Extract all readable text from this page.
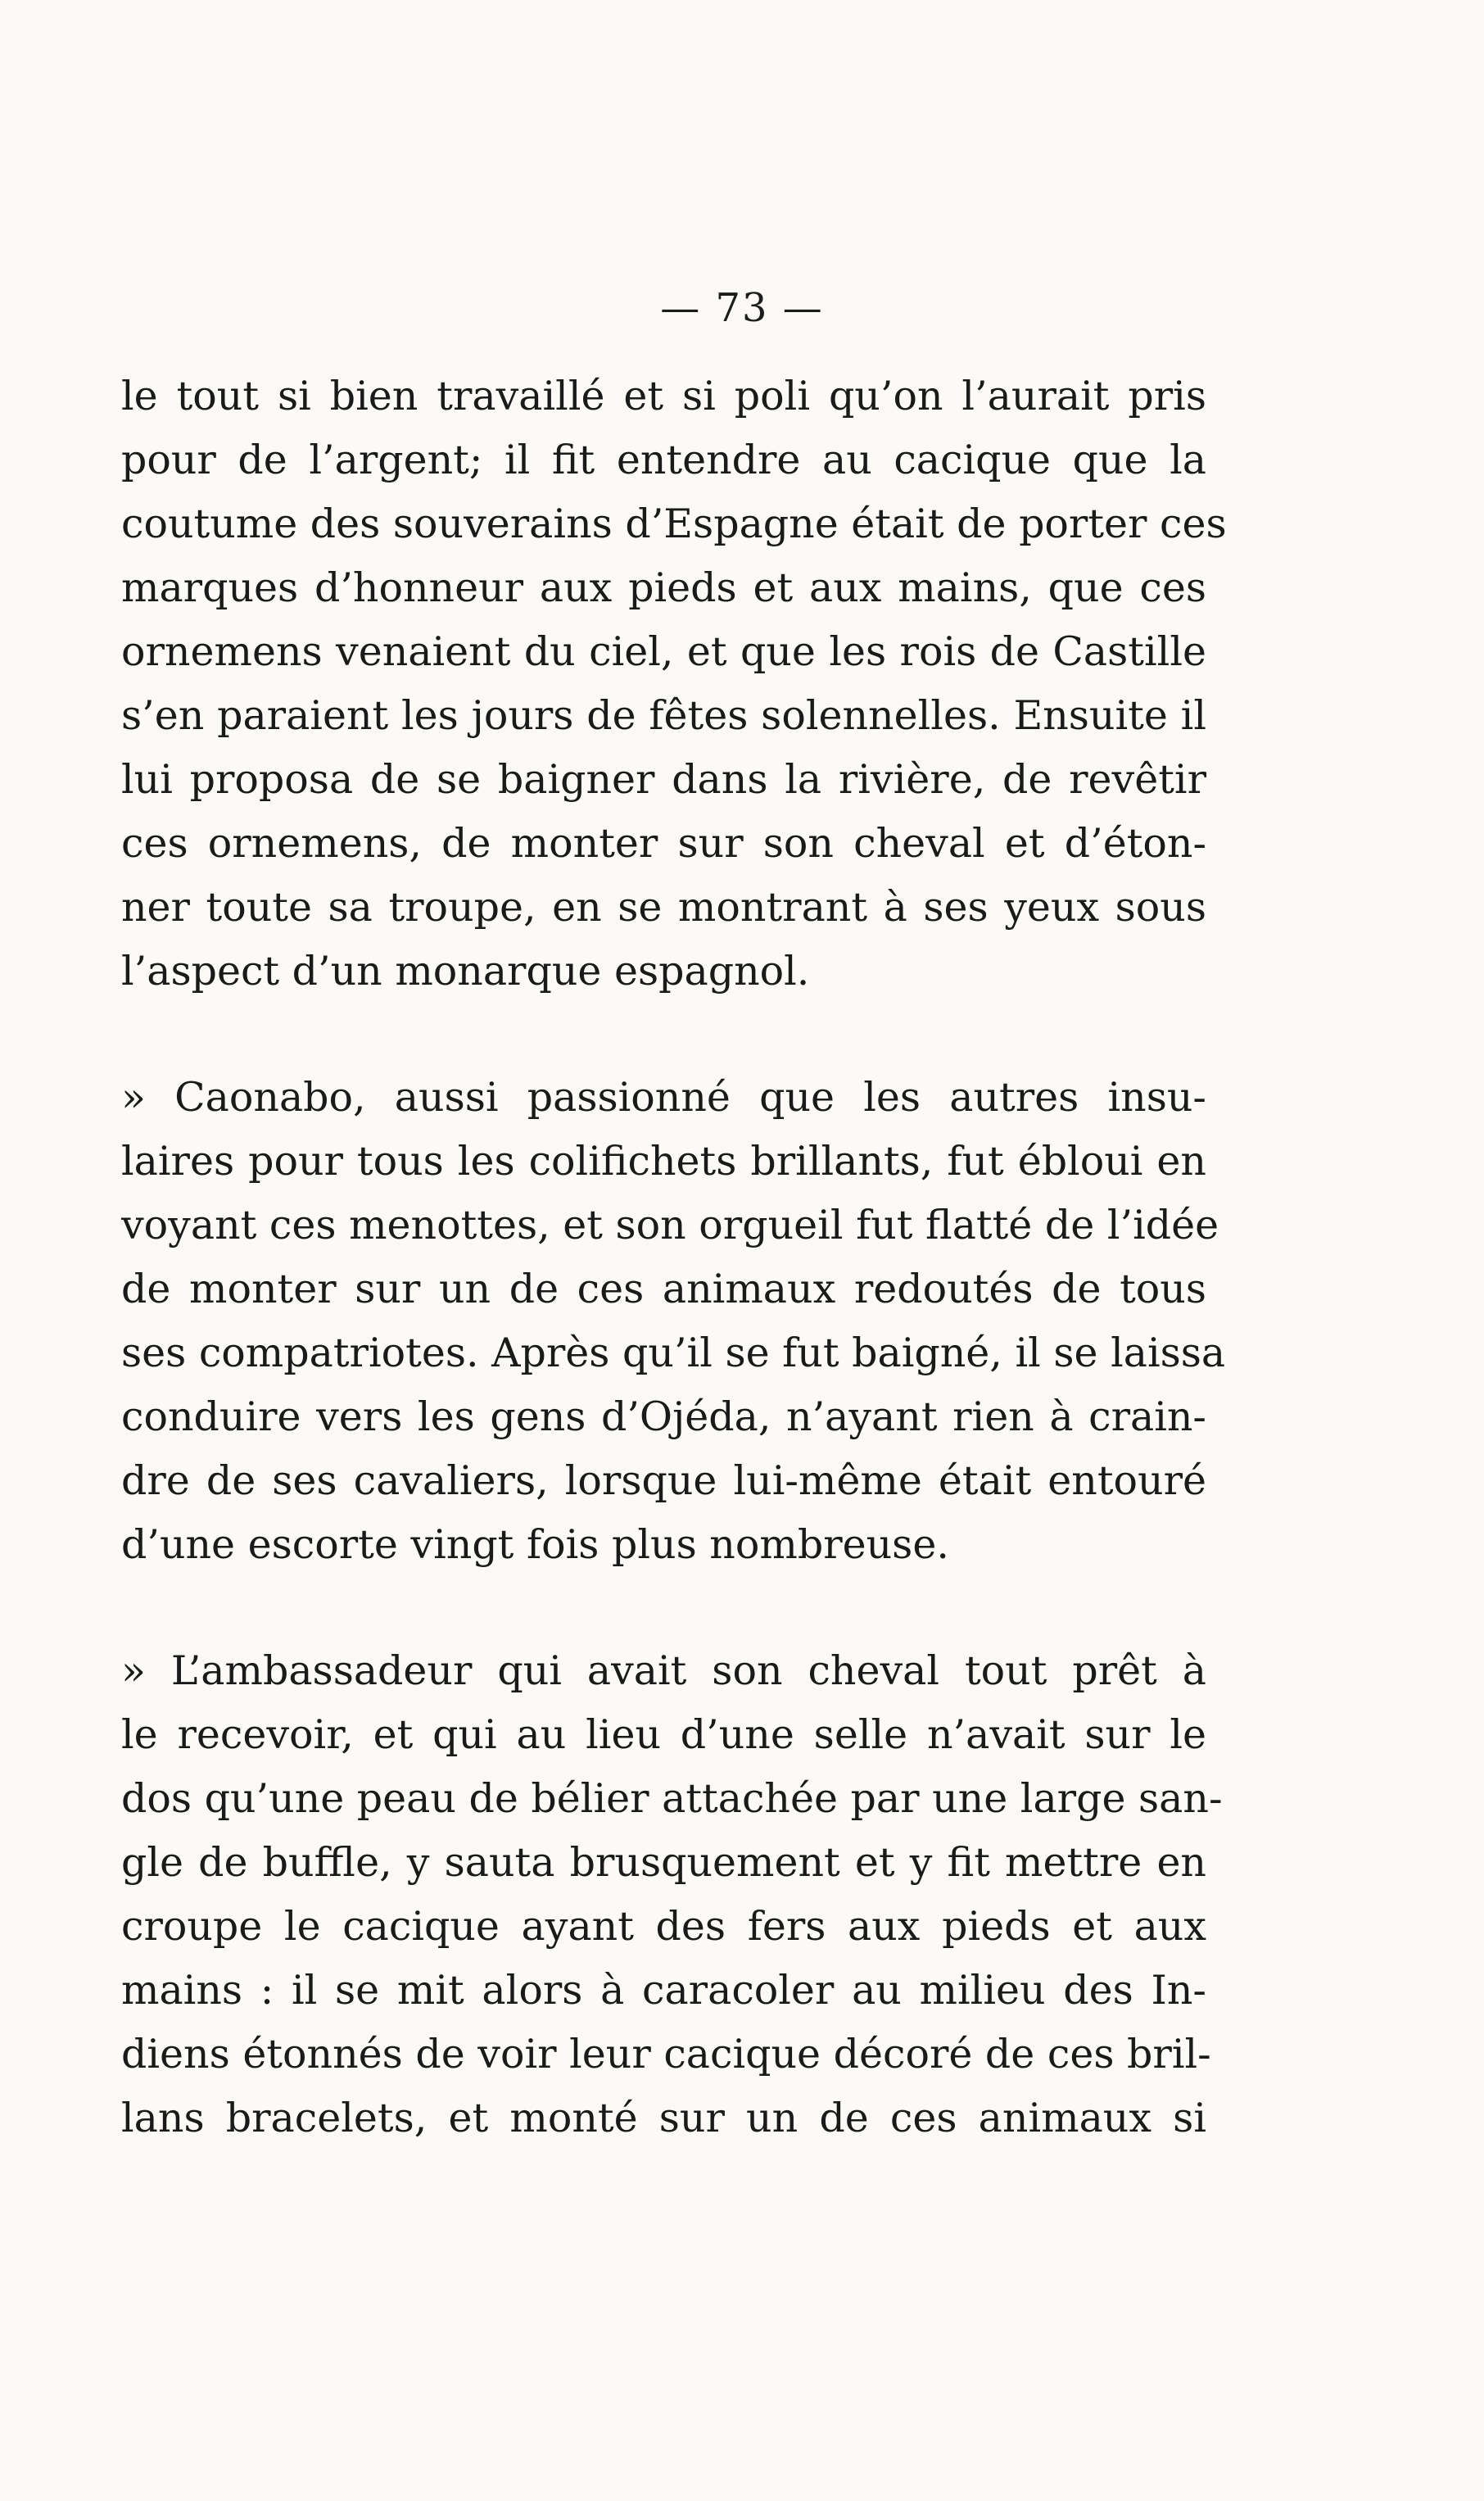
— 73 —
le tout si bien travaillé et si poli qu’on l’aurait pris
pour de l’argent; il fit entendre au cacique que la
coutume des souverains d’Espagne était de porter ces
marques d’honneur aux pieds et aux mains, que ces
ornemens venaient du ciel, et que les rois de Castille
s’en paraient les jours de fêtes solennelles. Ensuite il
lui proposa de se baigner dans la rivière, de revêtir
ces ornemens, de monter sur son cheval et d’éton-
ner toute sa troupe, en se montrant à ses yeux sous
l’aspect d’un monarque espagnol.
» Caonabo, aussi passionné que les autres insu-
laires pour tous les colifichets brillants, fut ébloui en
voyant ces menottes, et son orgueil fut flatté de l’idée
de monter sur un de ces animaux redoutés de tous
ses compatriotes. Après qu’il se fut baigné, il se laissa
conduire vers les gens d’Ojéda, n’ayant rien à crain-
dre de ses cavaliers, lorsque lui-même était entouré
d’une escorte vingt fois plus nombreuse.
» L’ambassadeur qui avait son cheval tout prêt à
le recevoir, et qui au lieu d’une selle n’avait sur le
dos qu’une peau de bélier attachée par une large san-
gle de buffle, y sauta brusquement et y fit mettre en
croupe le cacique ayant des fers aux pieds et aux
mains : il se mit alors à caracoler au milieu des In-
diens étonnés de voir leur cacique décoré de ces bril-
lans bracelets, et monté sur un de ces animaux si
